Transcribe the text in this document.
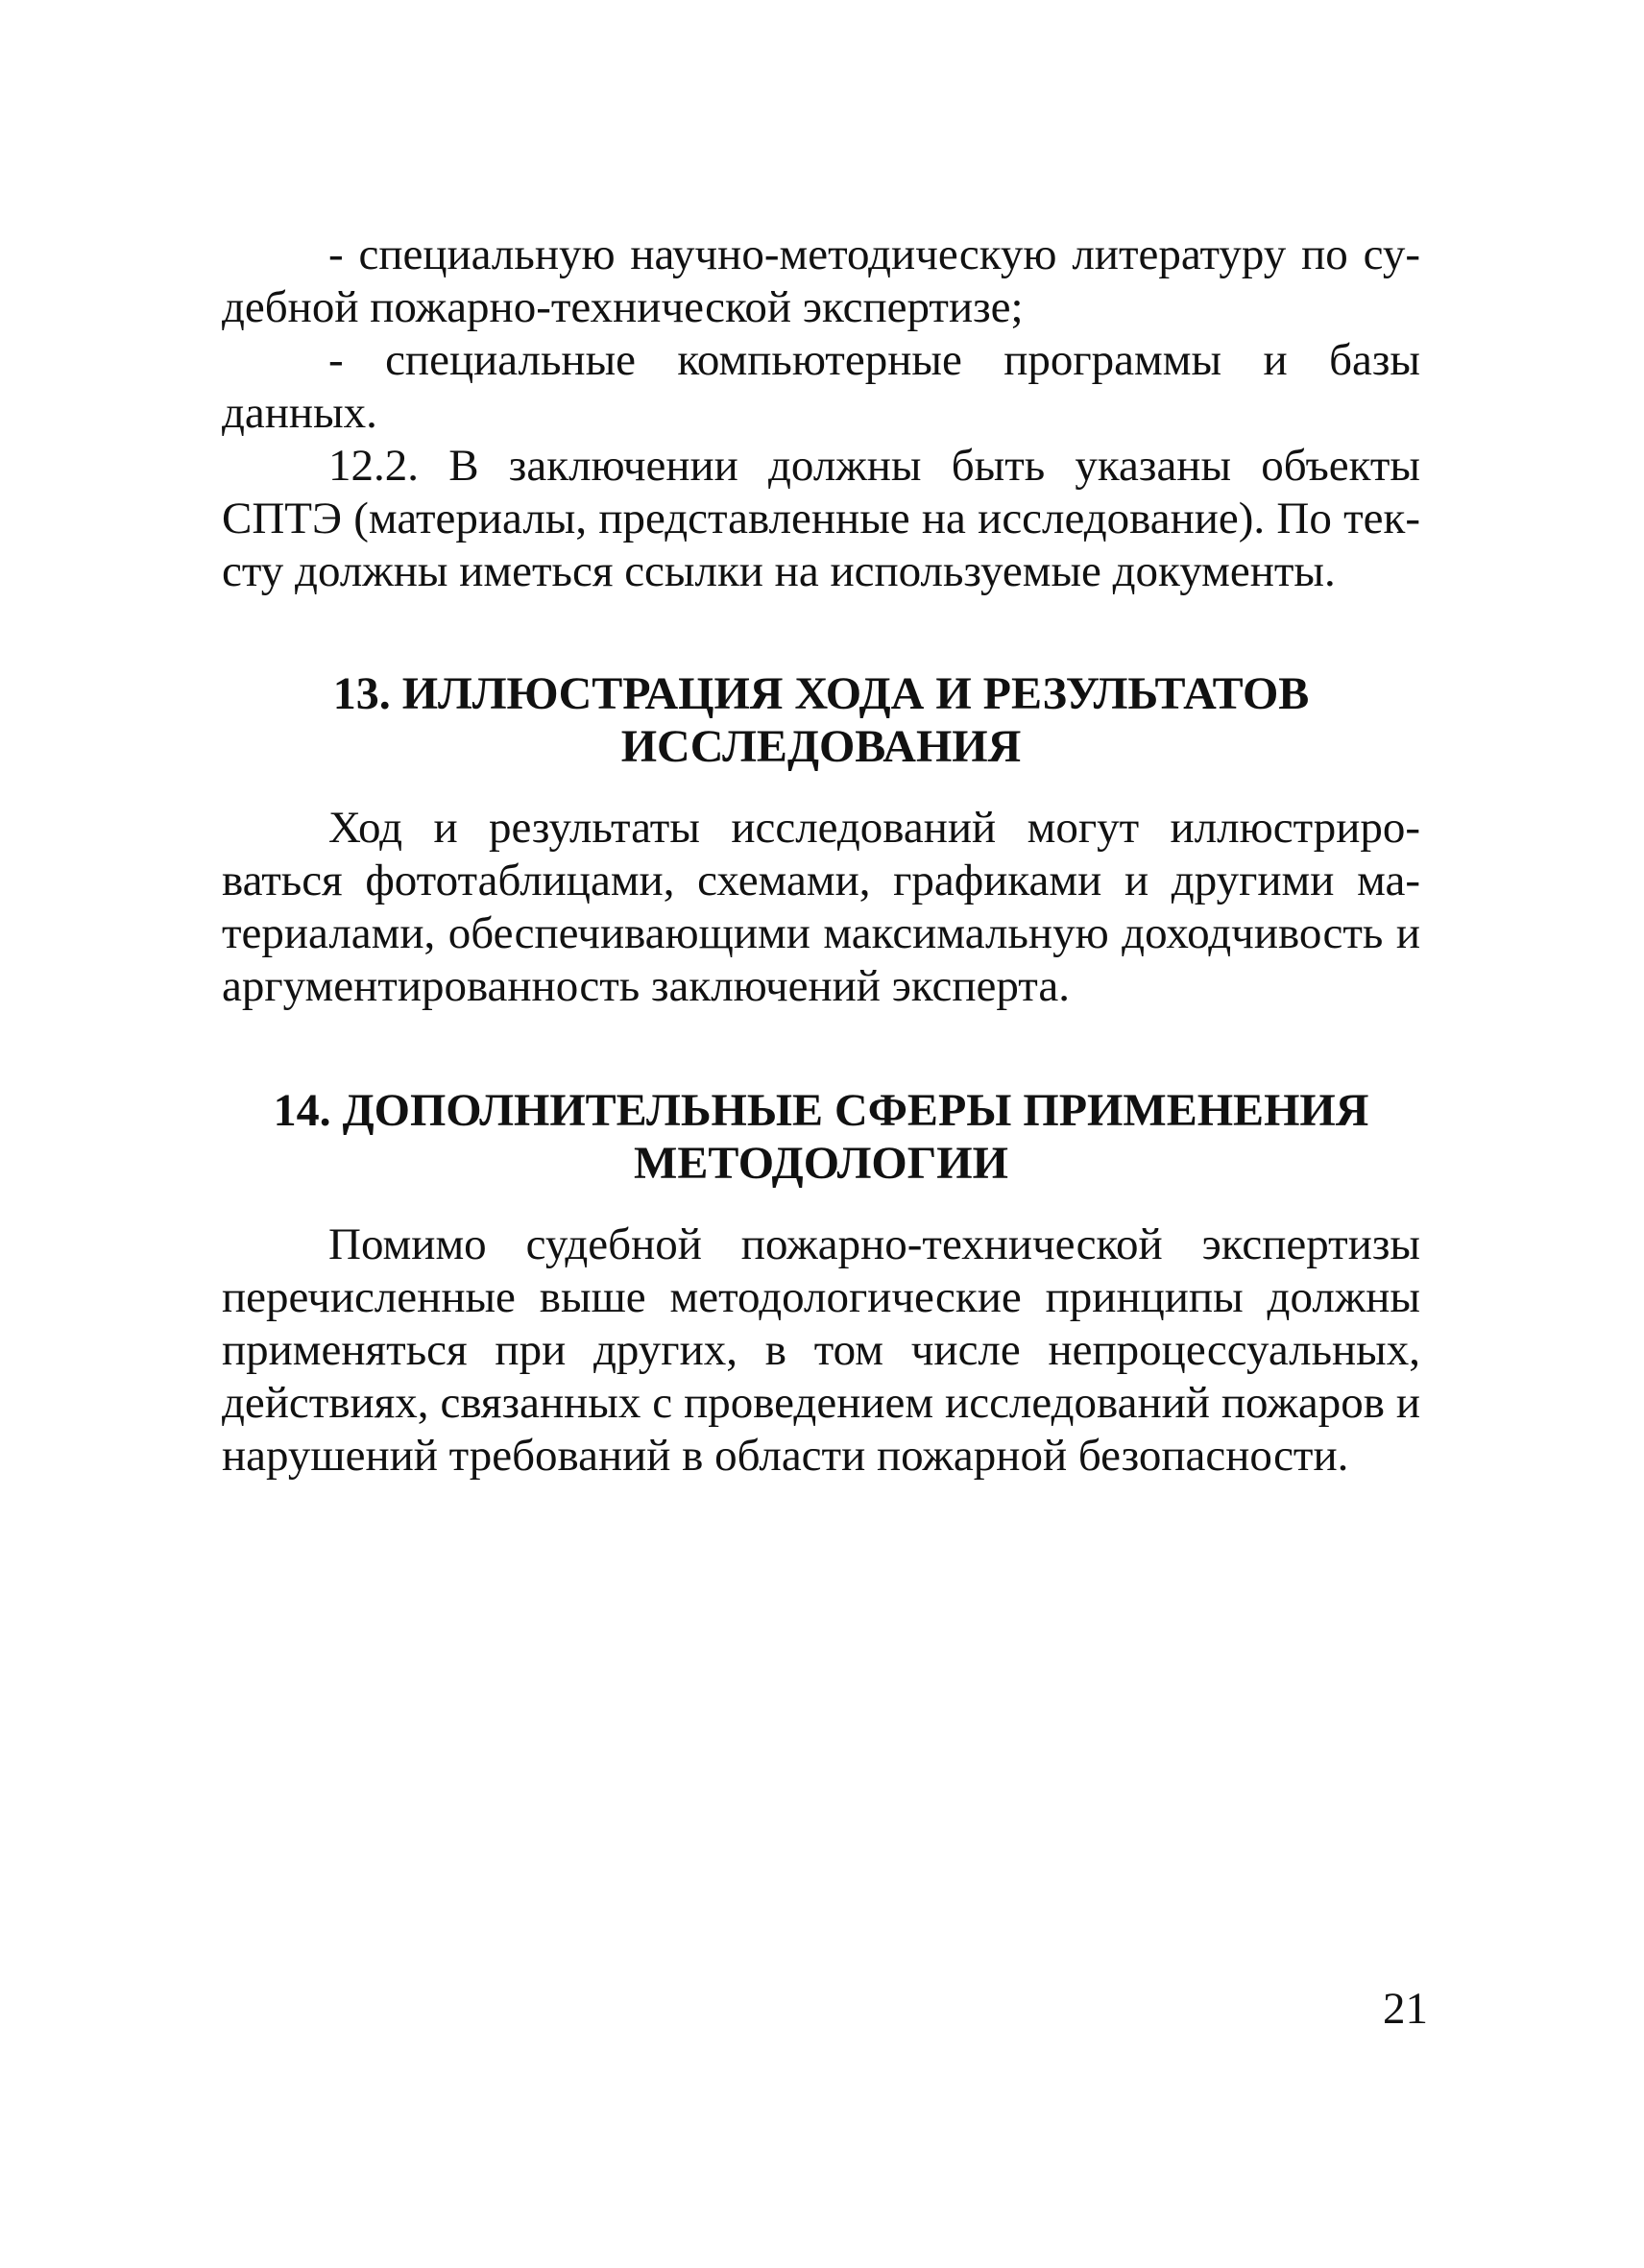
- специальную научно-методическую литературу по су-дебной пожарно-технической экспертизе;

- специальные компьютерные программы и базы данных.

12.2. В заключении должны быть указаны объекты СПТЭ (материалы, представленные на исследование). По тек-сту должны иметься ссылки на используемые документы.

13. ИЛЛЮСТРАЦИЯ ХОДА И РЕЗУЛЬТАТОВ ИССЛЕДОВАНИЯ

Ход и результаты исследований могут иллюстриро-ваться фототаблицами, схемами, графиками и другими ма-териалами, обеспечивающими максимальную доходчивость и аргументированность заключений эксперта.

14. ДОПОЛНИТЕЛЬНЫЕ СФЕРЫ ПРИМЕНЕНИЯ МЕТОДОЛОГИИ

Помимо судебной пожарно-технической экспертизы перечисленные выше методологические принципы должны применяться при других, в том числе непроцессуальных, действиях, связанных с проведением исследований пожаров и нарушений требований в области пожарной безопасности.

21
